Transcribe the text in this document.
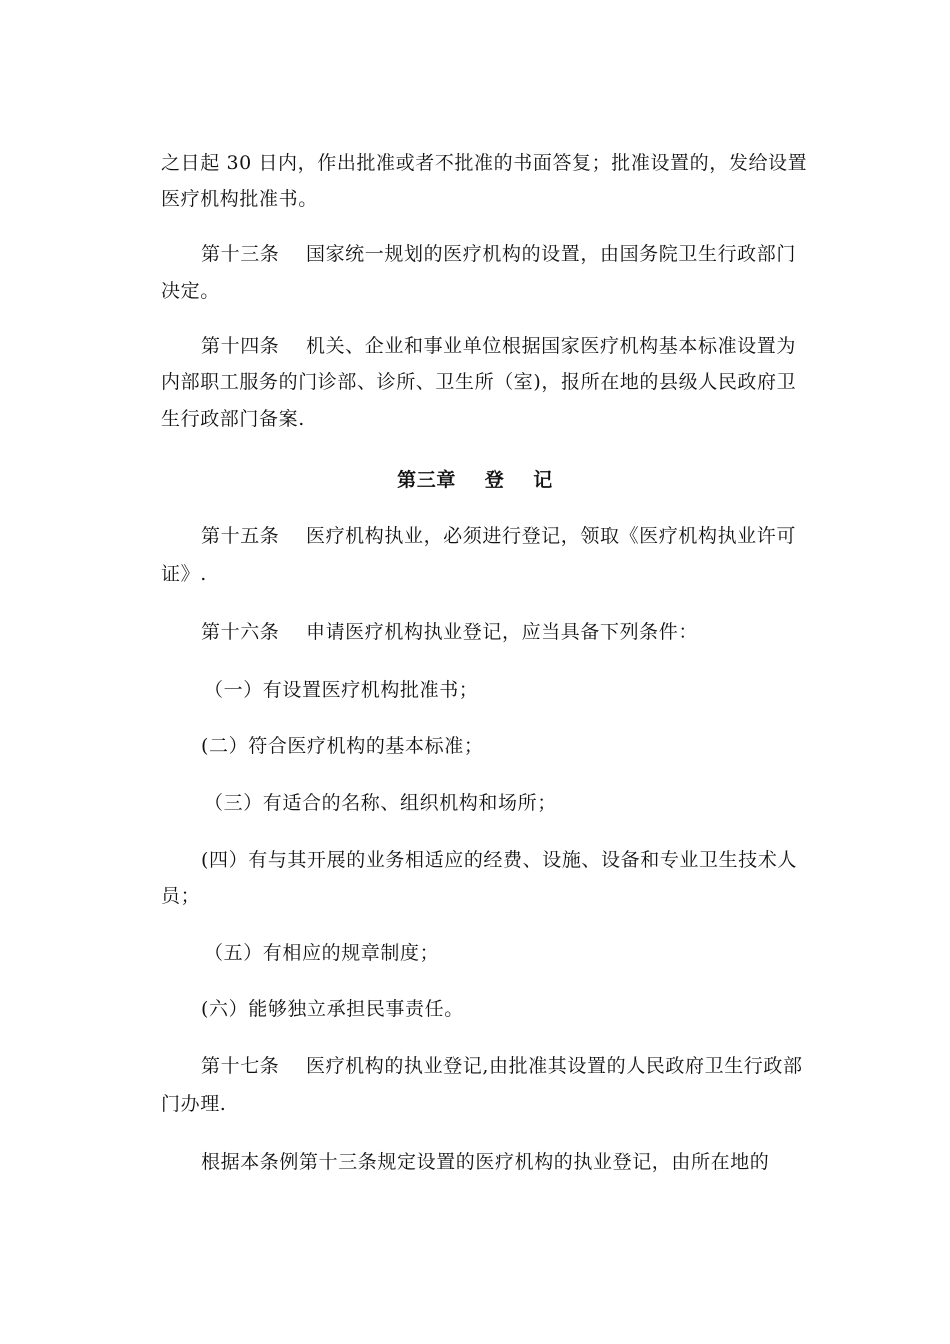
之日起 30 日内，作出批准或者不批准的书面答复；批准设置的，发给设置
医疗机构批准书。
第十三条 国家统一规划的医疗机构的设置，由国务院卫生行政部门
决定。
第十四条 机关、企业和事业单位根据国家医疗机构基本标准设置为
内部职工服务的门诊部、诊所、卫生所（室)，报所在地的县级人民政府卫
生行政部门备案.
第三章    登    记
第十五条 医疗机构执业，必须进行登记，领取《医疗机构执业许可
证》.
第十六条 申请医疗机构执业登记，应当具备下列条件：
（一）有设置医疗机构批准书；
(二）符合医疗机构的基本标准；
（三）有适合的名称、组织机构和场所；
(四）有与其开展的业务相适应的经费、设施、设备和专业卫生技术人
员；
（五）有相应的规章制度；
(六）能够独立承担民事责任。
第十七条 医疗机构的执业登记,由批准其设置的人民政府卫生行政部
门办理.
根据本条例第十三条规定设置的医疗机构的执业登记，由所在地的
